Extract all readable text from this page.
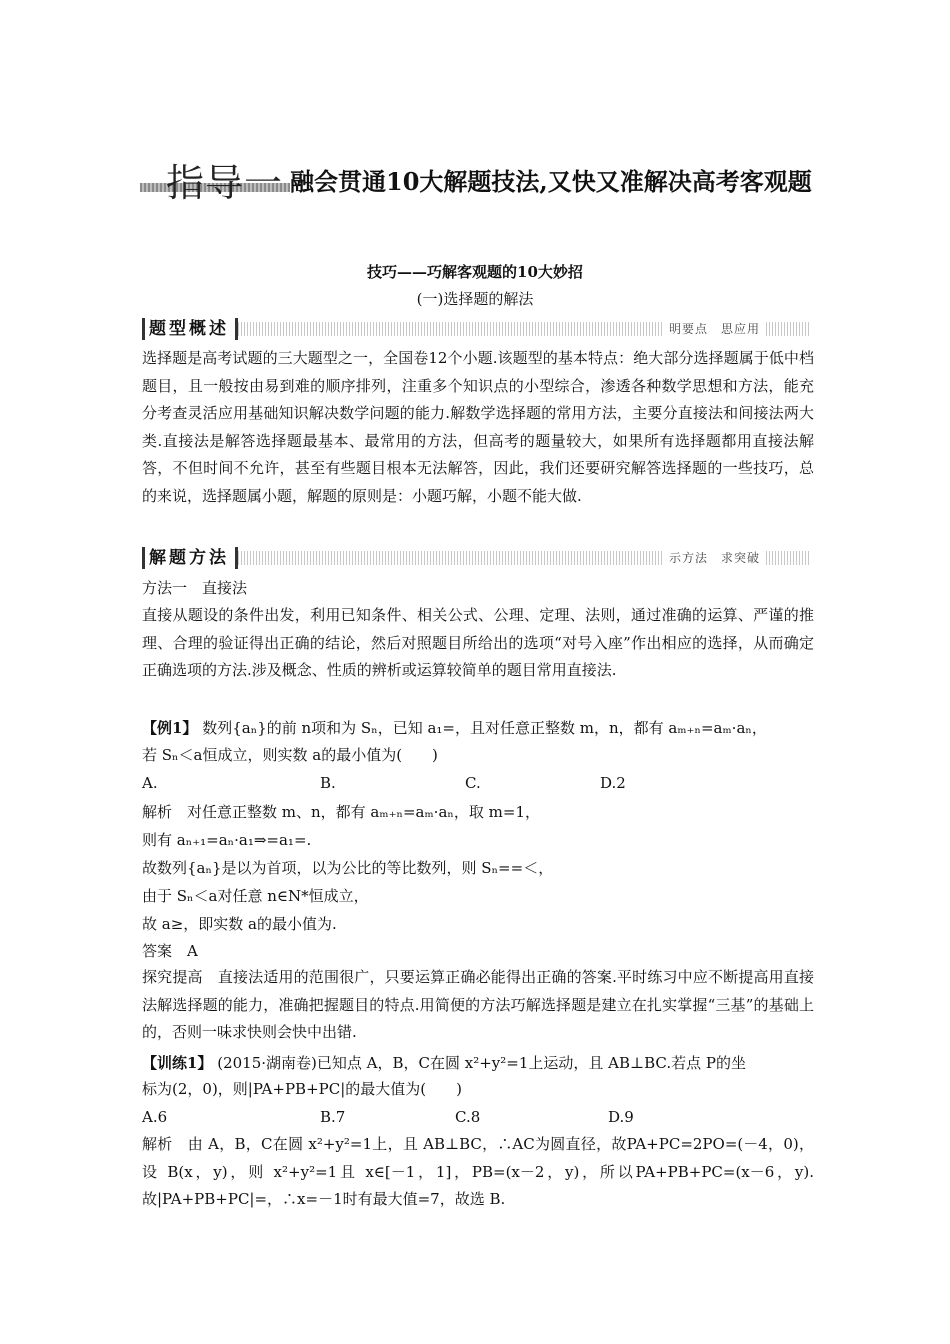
指导一 融会贯通10大解题技法,又快又准解决高考客观题
技巧——巧解客观题的10大妙招
(一)选择题的解法
题型概述	明要点　思应用
选择题是高考试题的三大题型之一，全国卷12个小题.该题型的基本特点：绝大部分选择题属于低中档题目，且一般按由易到难的顺序排列，注重多个知识点的小型综合，渗透各种数学思想和方法，能充分考查灵活应用基础知识解决数学问题的能力.解数学选择题的常用方法，主要分直接法和间接法两大类.直接法是解答选择题最基本、最常用的方法，但高考的题量较大，如果所有选择题都用直接法解答，不但时间不允许，甚至有些题目根本无法解答，因此，我们还要研究解答选择题的一些技巧，总的来说，选择题属小题，解题的原则是：小题巧解，小题不能大做.
解题方法	示方法　求突破
方法一　直接法
直接从题设的条件出发，利用已知条件、相关公式、公理、定理、法则，通过准确的运算、严谨的推理、合理的验证得出正确的结论，然后对照题目所给出的选项“对号入座”作出相应的选择，从而确定正确选项的方法.涉及概念、性质的辨析或运算较简单的题目常用直接法.
【例1】 数列{aₙ}的前 n项和为 Sₙ，已知 a₁=，且对任意正整数 m，n，都有 aₘ₊ₙ=aₘ·aₙ，
若 Sₙ＜a恒成立，则实数 a的最小值为(　　)
A.	B.	C.	D.2
解析　对任意正整数 m、n，都有 aₘ₊ₙ=aₘ·aₙ，取 m=1，
则有 aₙ₊₁=aₙ·a₁⇒=a₁=.
故数列{aₙ}是以为首项，以为公比的等比数列，则 Sₙ==＜，
由于 Sₙ＜a对任意 n∈N*恒成立，
故 a≥，即实数 a的最小值为.
答案　A
探究提高　直接法适用的范围很广，只要运算正确必能得出正确的答案.平时练习中应不断提高用直接法解选择题的能力，准确把握题目的特点.用简便的方法巧解选择题是建立在扎实掌握“三基”的基础上的，否则一味求快则会快中出错.
【训练1】 (2015·湖南卷)已知点 A，B，C在圆 x²+y²=1上运动，且 AB⊥BC.若点 P的坐
标为(2，0)，则|PA+PB+PC|的最大值为(　　)
A.6	B.7	C.8	D.9
解析　由 A，B，C在圆 x²+y²=1上，且 AB⊥BC，∴AC为圆直径，故PA+PC=2PO=(－4，0)，设 B(x，y)，则 x²+y²=1且 x∈[－1，1]，PB=(x－2，y)，所以PA+PB+PC=(x－6，y).故|PA+PB+PC|=，∴x=－1时有最大值=7，故选 B.
